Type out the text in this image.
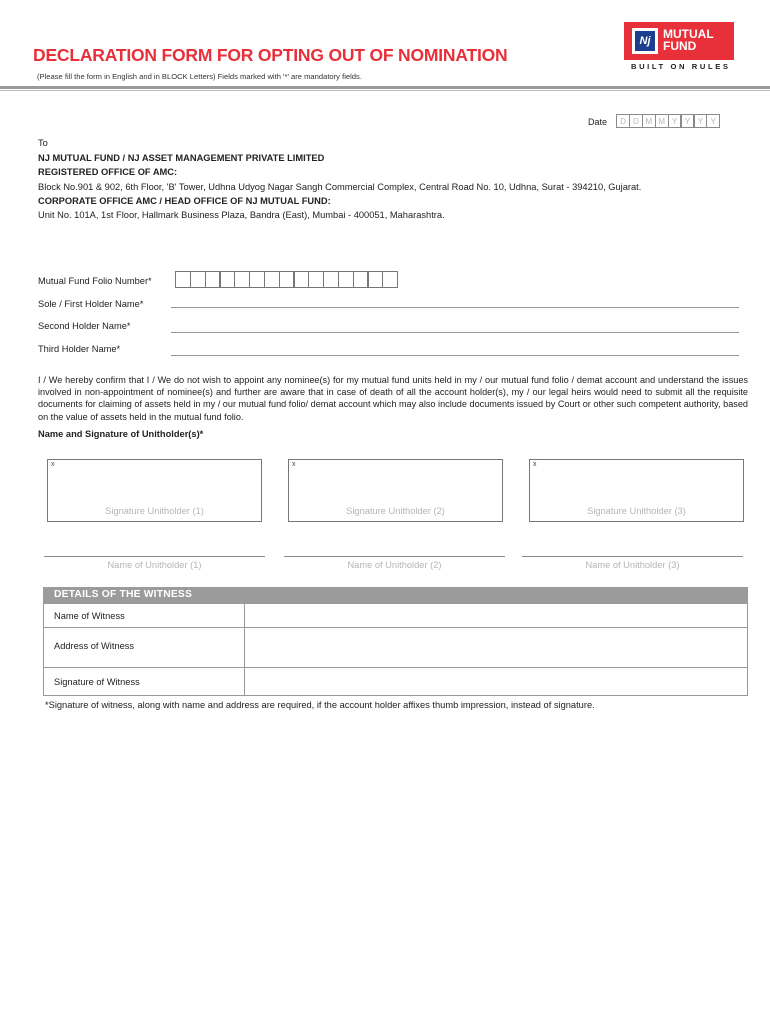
DECLARATION FORM FOR OPTING OUT OF NOMINATION
(Please fill the form in English and in BLOCK Letters) Fields marked with '*' are mandatory fields.
Nj	MUTUAL
FUND
BUILT ON RULES
Date	D D M M Y Y Y Y
To
NJ MUTUAL FUND / NJ ASSET MANAGEMENT PRIVATE LIMITED
REGISTERED OFFICE OF AMC:
Block No.901 & 902, 6th Floor, 'B' Tower, Udhna Udyog Nagar Sangh Commercial Complex, Central Road No. 10, Udhna, Surat - 394210, Gujarat.
CORPORATE OFFICE AMC / HEAD OFFICE OF NJ MUTUAL FUND:
Unit No. 101A, 1st Floor, Hallmark Business Plaza, Bandra (East), Mumbai - 400051, Maharashtra.
Mutual Fund Folio Number*
Sole / First Holder Name*
Second Holder Name*
Third Holder Name*
I / We hereby confirm that I / We do not wish to appoint any nominee(s) for my mutual fund units held in my / our mutual fund folio / demat account and understand the issues involved in non-appointment of nominee(s) and further are aware that in case of death of all the account holder(s), my / our legal heirs would need to submit all the requisite documents for claiming of assets held in my / our mutual fund folio/ demat account which may also include documents issued by Court or other such competent authority, based on the value of assets held in the mutual fund folio.
Name and Signature of Unitholder(s)*
x
Signature Unitholder (1)
x
Signature Unitholder (2)
x
Signature Unitholder (3)
Name of Unitholder (1)	Name of Unitholder (2)	Name of Unitholder (3)
DETAILS OF THE WITNESS
Name of Witness
Address of Witness
Signature of Witness
*Signature of witness, along with name and address are required, if the account holder affixes thumb impression, instead of signature.
